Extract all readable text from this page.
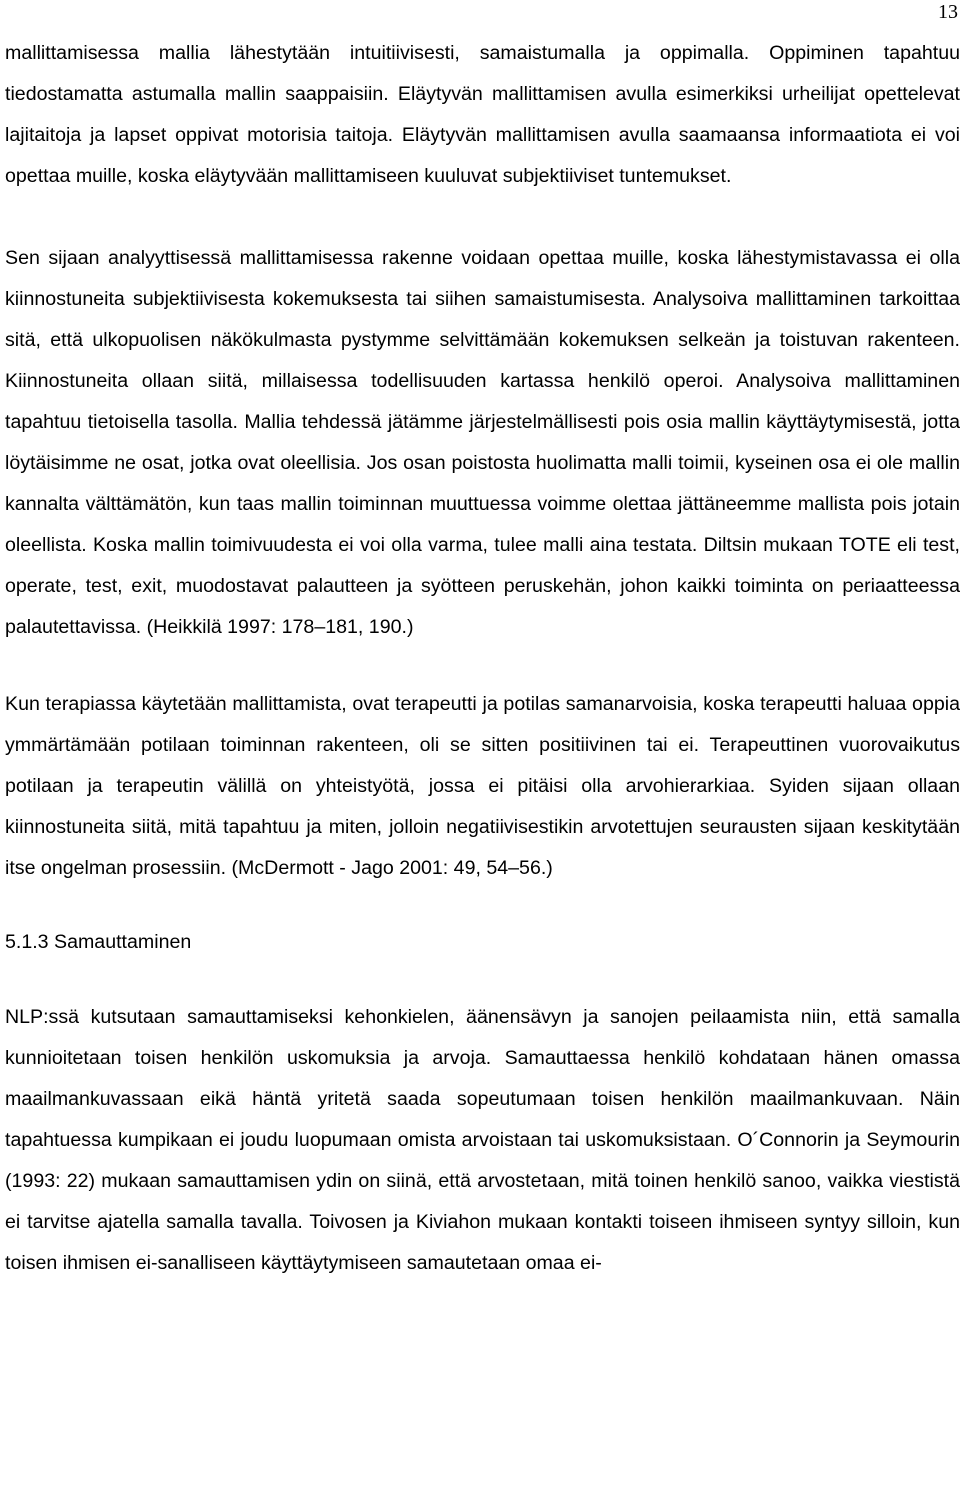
13

mallittamisessa mallia lähestytään intuitiivisesti, samaistumalla ja oppimalla. Oppiminen tapahtuu tiedostamatta astumalla mallin saappaisiin. Eläytyvän mallittamisen avulla esimerkiksi urheilijat opettelevat lajitaitoja ja lapset oppivat motorisia taitoja. Eläytyvän mallittamisen avulla saamaansa informaatiota ei voi opettaa muille, koska eläytyvään mallittamiseen kuuluvat subjektiiviset tuntemukset.

Sen sijaan analyyttisessä mallittamisessa rakenne voidaan opettaa muille, koska lähestymistavassa ei olla kiinnostuneita subjektiivisesta kokemuksesta tai siihen samaistumisesta. Analysoiva mallittaminen tarkoittaa sitä, että ulkopuolisen näkökulmasta pystymme selvittämään kokemuksen selkeän ja toistuvan rakenteen. Kiinnostuneita ollaan siitä, millaisessa todellisuuden kartassa henkilö operoi. Analysoiva mallittaminen tapahtuu tietoisella tasolla. Mallia tehdessä jätämme järjestelmällisesti pois osia mallin käyttäytymisestä, jotta löytäisimme ne osat, jotka ovat oleellisia. Jos osan poistosta huolimatta malli toimii, kyseinen osa ei ole mallin kannalta välttämätön, kun taas mallin toiminnan muuttuessa voimme olettaa jättäneemme mallista pois jotain oleellista. Koska mallin toimivuudesta ei voi olla varma, tulee malli aina testata. Diltsin mukaan TOTE eli test, operate, test, exit, muodostavat palautteen ja syötteen peruskehän, johon kaikki toiminta on periaatteessa palautettavissa. (Heikkilä 1997: 178–181, 190.)

Kun terapiassa käytetään mallittamista, ovat terapeutti ja potilas samanarvoisia, koska terapeutti haluaa oppia ymmärtämään potilaan toiminnan rakenteen, oli se sitten positiivinen tai ei. Terapeuttinen vuorovaikutus potilaan ja terapeutin välillä on yhteistyötä, jossa ei pitäisi olla arvohierarkiaa. Syiden sijaan ollaan kiinnostuneita siitä, mitä tapahtuu ja miten, jolloin negatiivisestikin arvotettujen seurausten sijaan keskitytään itse ongelman prosessiin. (McDermott - Jago 2001: 49, 54–56.)

5.1.3 Samauttaminen

NLP:ssä kutsutaan samauttamiseksi kehonkielen, äänensävyn ja sanojen peilaamista niin, että samalla kunnioitetaan toisen henkilön uskomuksia ja arvoja. Samauttaessa henkilö kohdataan hänen omassa maailmankuvassaan eikä häntä yritetä saada sopeutumaan toisen henkilön maailmankuvaan. Näin tapahtuessa kumpikaan ei joudu luopumaan omista arvoistaan tai uskomuksistaan. O´Connorin ja Seymourin (1993: 22) mukaan samauttamisen ydin on siinä, että arvostetaan, mitä toinen henkilö sanoo, vaikka viestistä ei tarvitse ajatella samalla tavalla. Toivosen ja Kiviahon mukaan kontakti toiseen ihmiseen syntyy silloin, kun toisen ihmisen ei-sanalliseen käyttäytymiseen samautetaan omaa ei-
